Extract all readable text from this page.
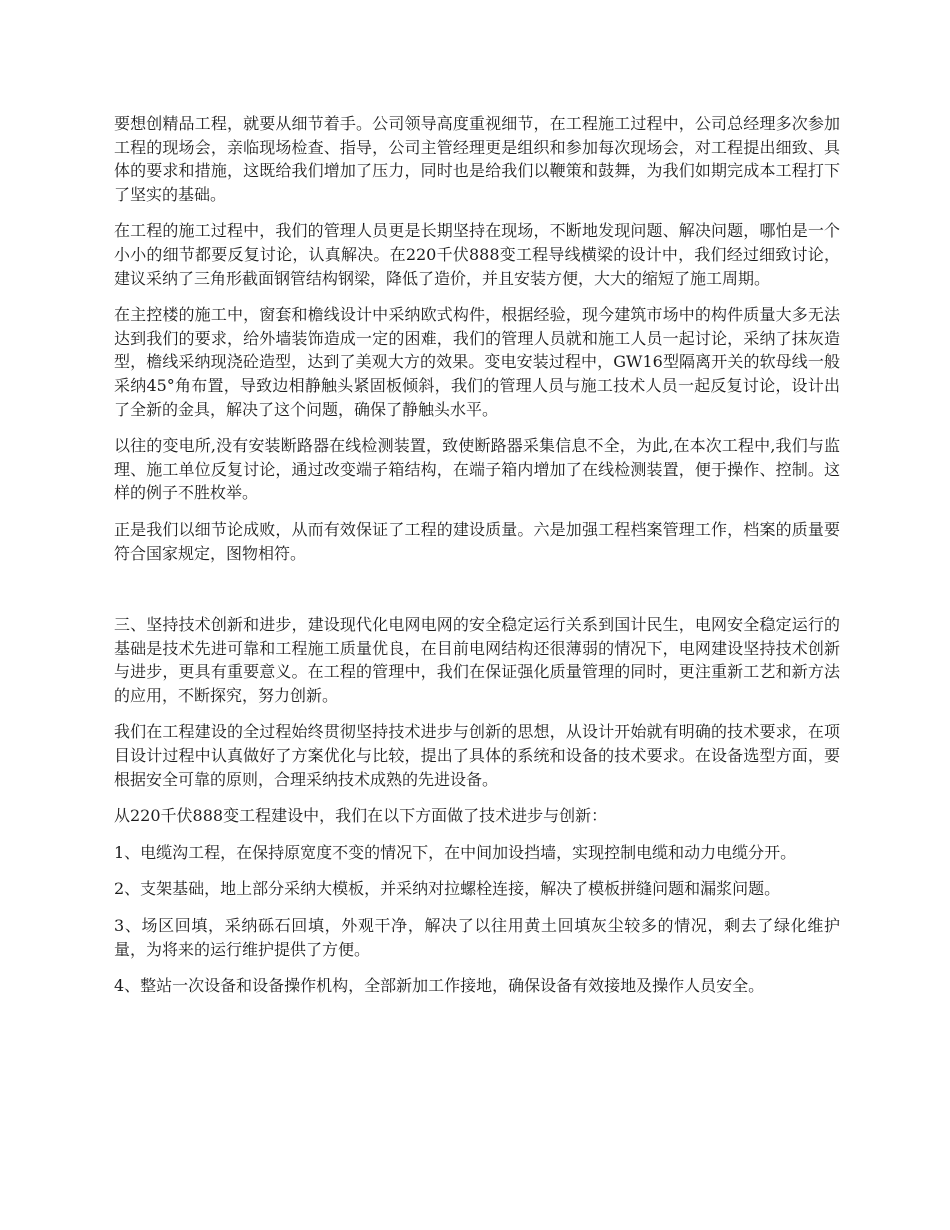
要想创精品工程，就要从细节着手。公司领导高度重视细节，在工程施工过程中，公司总经理多次参加工程的现场会，亲临现场检查、指导，公司主管经理更是组织和参加每次现场会，对工程提出细致、具体的要求和措施，这既给我们增加了压力，同时也是给我们以鞭策和鼓舞，为我们如期完成本工程打下了坚实的基础。

在工程的施工过程中，我们的管理人员更是长期坚持在现场，不断地发现问题、解决问题，哪怕是一个小小的细节都要反复讨论，认真解决。在220千伏888变工程导线横梁的设计中，我们经过细致讨论，建议采纳了三角形截面钢管结构钢梁，降低了造价，并且安装方便，大大的缩短了施工周期。

在主控楼的施工中，窗套和檐线设计中采纳欧式构件，根据经验，现今建筑市场中的构件质量大多无法达到我们的要求，给外墙装饰造成一定的困难，我们的管理人员就和施工人员一起讨论，采纳了抹灰造型，檐线采纳现浇砼造型，达到了美观大方的效果。变电安装过程中，GW16型隔离开关的软母线一般采纳45°角布置，导致边相静触头紧固板倾斜，我们的管理人员与施工技术人员一起反复讨论，设计出了全新的金具，解决了这个问题，确保了静触头水平。

以往的变电所,没有安装断路器在线检测装置，致使断路器采集信息不全，为此,在本次工程中,我们与监理、施工单位反复讨论，通过改变端子箱结构，在端子箱内增加了在线检测装置，便于操作、控制。这样的例子不胜枚举。

正是我们以细节论成败，从而有效保证了工程的建设质量。六是加强工程档案管理工作，档案的质量要符合国家规定，图物相符。

三、坚持技术创新和进步，建设现代化电网电网的安全稳定运行关系到国计民生，电网安全稳定运行的基础是技术先进可靠和工程施工质量优良，在目前电网结构还很薄弱的情况下，电网建设坚持技术创新与进步，更具有重要意义。在工程的管理中，我们在保证强化质量管理的同时，更注重新工艺和新方法的应用，不断探究，努力创新。

我们在工程建设的全过程始终贯彻坚持技术进步与创新的思想，从设计开始就有明确的技术要求，在项目设计过程中认真做好了方案优化与比较，提出了具体的系统和设备的技术要求。在设备选型方面，要根据安全可靠的原则，合理采纳技术成熟的先进设备。

从220千伏888变工程建设中，我们在以下方面做了技术进步与创新：

1、电缆沟工程，在保持原宽度不变的情况下，在中间加设挡墙，实现控制电缆和动力电缆分开。

2、支架基础，地上部分采纳大模板，并采纳对拉螺栓连接，解决了模板拼缝问题和漏浆问题。

3、场区回填，采纳砾石回填，外观干净，解决了以往用黄土回填灰尘较多的情况，剩去了绿化维护量，为将来的运行维护提供了方便。

4、整站一次设备和设备操作机构，全部新加工作接地，确保设备有效接地及操作人员安全。
